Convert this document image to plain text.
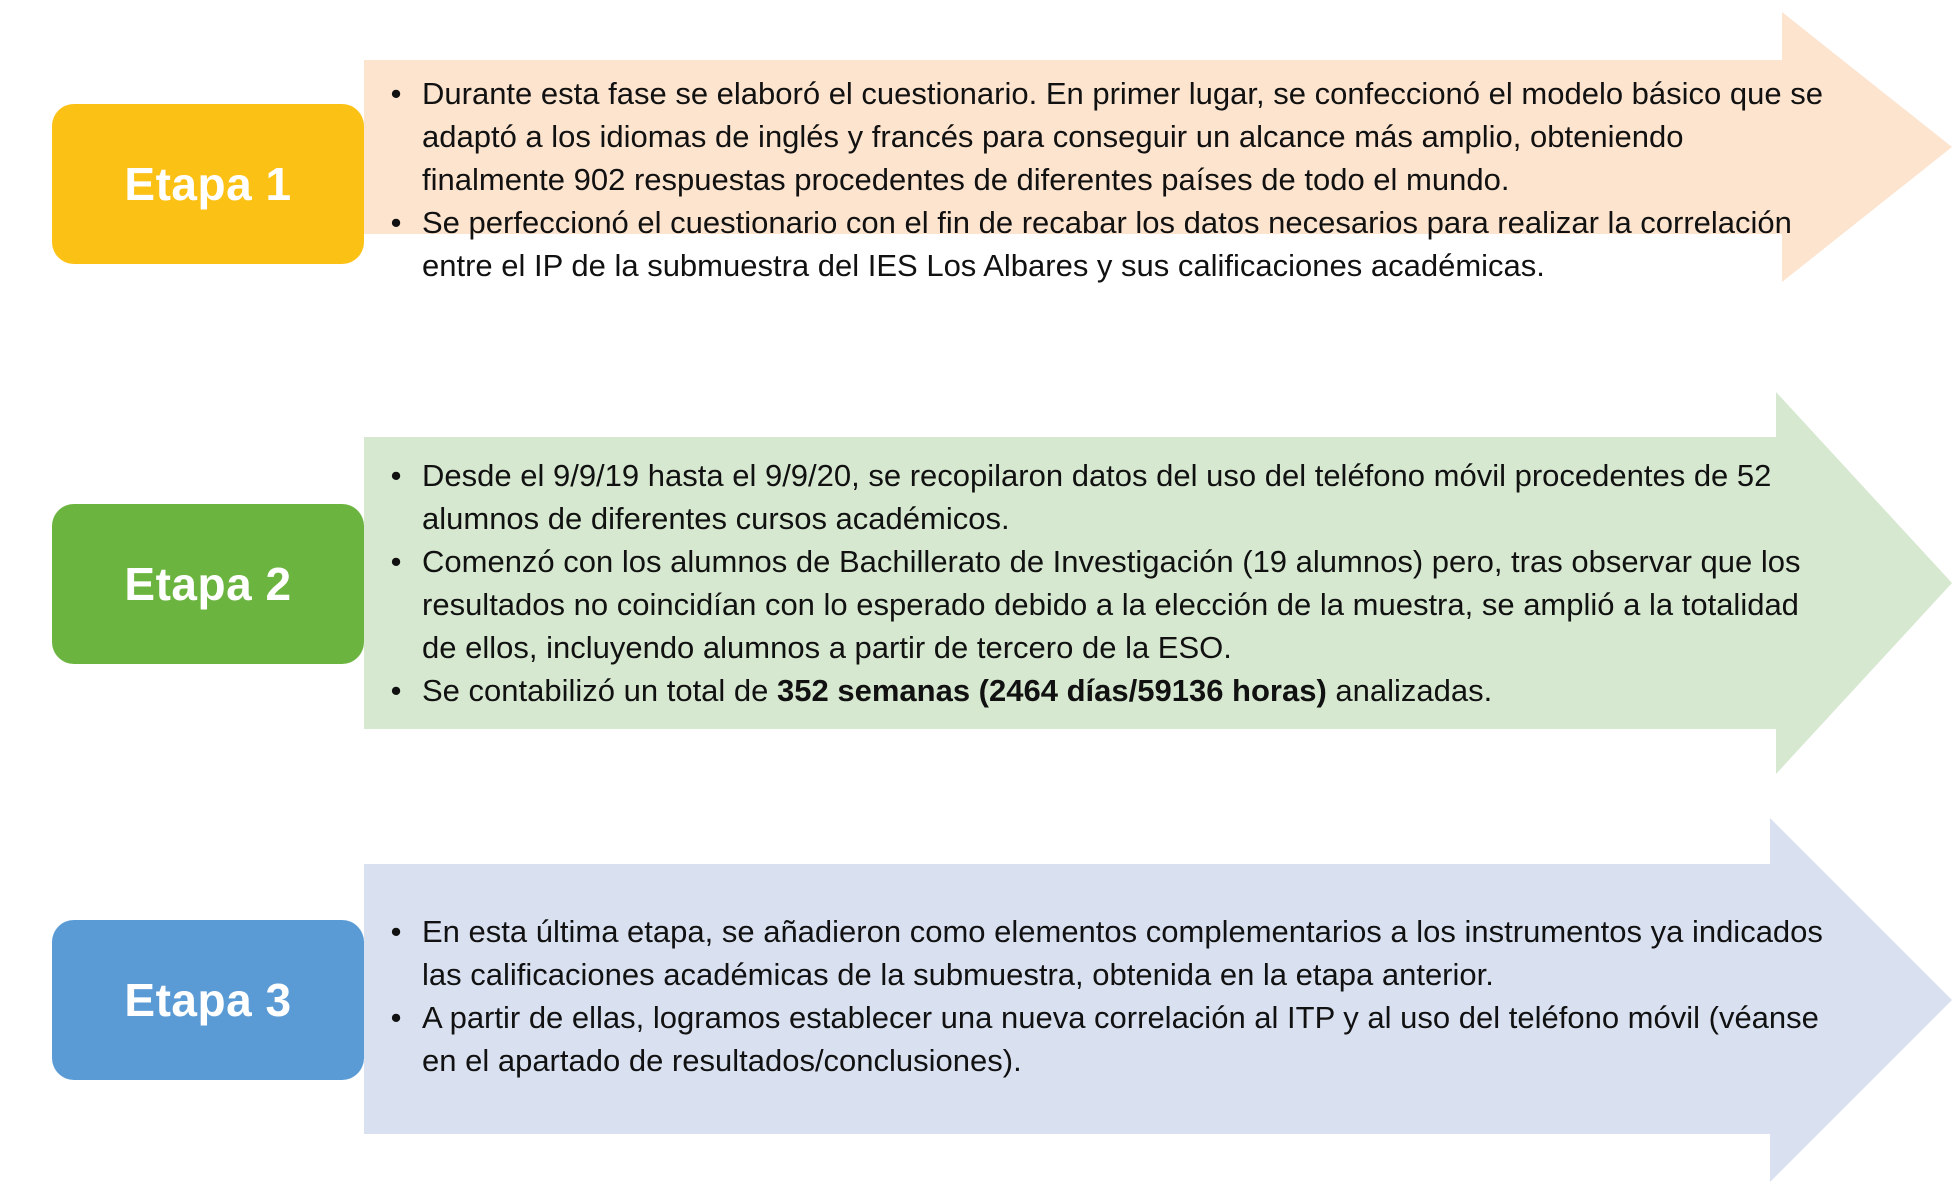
Etapa 1
• Durante esta fase se elaboró el cuestionario. En primer lugar, se confeccionó el modelo básico que se adaptó a los idiomas de inglés y francés para conseguir un alcance más amplio, obteniendo finalmente 902 respuestas procedentes de diferentes países de todo el mundo.
• Se perfeccionó el cuestionario con el fin de recabar los datos necesarios para realizar la correlación entre el IP de la submuestra del IES Los Albares y sus calificaciones académicas.
Etapa 2
• Desde el 9/9/19 hasta el 9/9/20, se recopilaron datos del uso del teléfono móvil procedentes de 52 alumnos de diferentes cursos académicos.
• Comenzó con los alumnos de Bachillerato de Investigación (19 alumnos) pero, tras observar que los resultados no coincidían con lo esperado debido a la elección de la muestra, se amplió a la totalidad de ellos, incluyendo alumnos a partir de tercero de la ESO.
• Se contabilizó un total de 352 semanas (2464 días/59136 horas) analizadas.
Etapa 3
• En esta última etapa, se añadieron como elementos complementarios a los instrumentos ya indicados las calificaciones académicas de la submuestra, obtenida en la etapa anterior.
• A partir de ellas, logramos establecer una nueva correlación al ITP y al uso del teléfono móvil (véanse en el apartado de resultados/conclusiones).
